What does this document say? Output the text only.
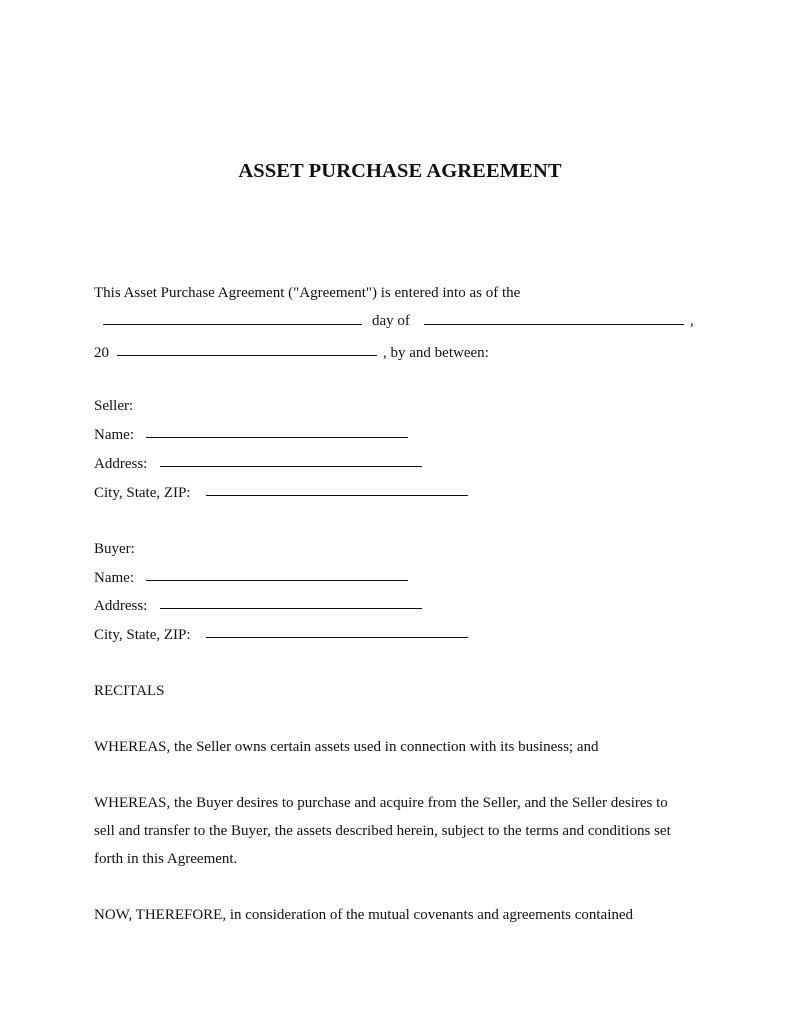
ASSET PURCHASE AGREEMENT
This Asset Purchase Agreement ("Agreement") is entered into as of the
day of	,
20	, by and between:
Seller:
Name:
Address:
City, State, ZIP:
Buyer:
Name:
Address:
City, State, ZIP:
RECITALS
WHEREAS, the Seller owns certain assets used in connection with its business; and
WHEREAS, the Buyer desires to purchase and acquire from the Seller, and the Seller desires to
sell and transfer to the Buyer, the assets described herein, subject to the terms and conditions set
forth in this Agreement.
NOW, THEREFORE, in consideration of the mutual covenants and agreements contained
